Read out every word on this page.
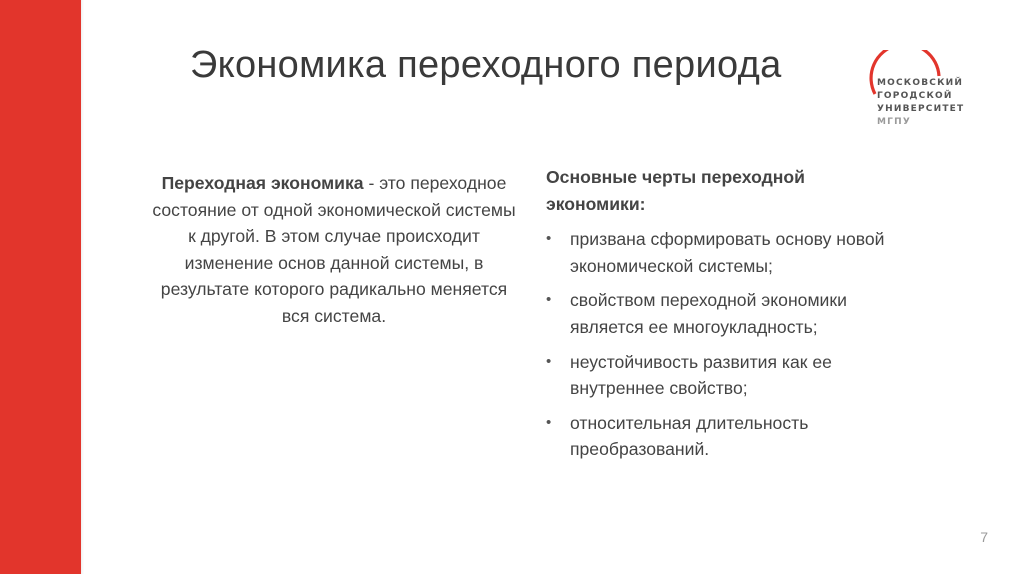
Экономика переходного периода	МОСКОВСКИЙ
ГОРОДСКОЙ
УНИВЕРСИТЕТ
МГПУ

Переходная экономика - это переходное состояние от одной экономической системы к другой. В этом случае происходит изменение основ данной системы, в результате которого радикально меняется вся система.

Основные черты переходной экономики:

• призвана сформировать основу новой экономической системы;
• свойством переходной экономики является ее многоукладность;
• неустойчивость развития как ее внутреннее свойство;
• относительная длительность преобразований.
7
